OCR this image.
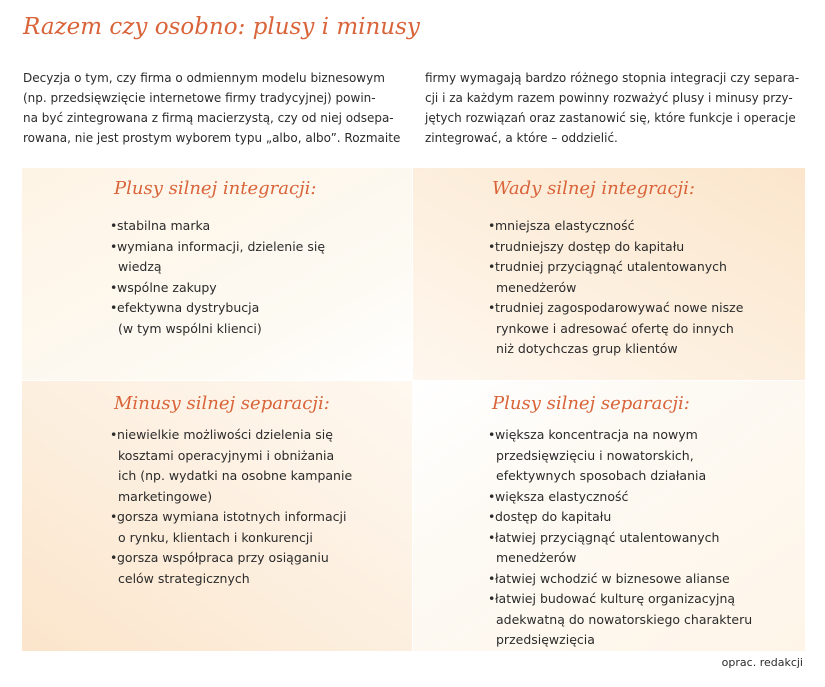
Razem czy osobno: plusy i minusy
Decyzja o tym, czy firma o odmiennym modelu biznesowym
(np. przedsięwzięcie internetowe firmy tradycyjnej) powin-
na być zintegrowana z firmą macierzystą, czy od niej odsepa-
rowana, nie jest prostym wyborem typu „albo, albo”. Rozmaite
firmy wymagają bardzo różnego stopnia integracji czy separa-
cji i za każdym razem powinny rozważyć plusy i minusy przy-
jętych rozwiązań oraz zastanowić się, które funkcje i operacje
zintegrować, a które – oddzielić.
Plusy silnej integracji:
•stabilna marka
•wymiana informacji, dzielenie się
wiedzą
•wspólne zakupy
•efektywna dystrybucja
(w tym wspólni klienci)
Wady silnej integracji:
•mniejsza elastyczność
•trudniejszy dostęp do kapitału
•trudniej przyciągnąć utalentowanych
menedżerów
•trudniej zagospodarowywać nowe nisze
rynkowe i adresować ofertę do innych
niż dotychczas grup klientów
Minusy silnej separacji:
•niewielkie możliwości dzielenia się
kosztami operacyjnymi i obniżania
ich (np. wydatki na osobne kampanie
marketingowe)
•gorsza wymiana istotnych informacji
o rynku, klientach i konkurencji
•gorsza współpraca przy osiąganiu
celów strategicznych
Plusy silnej separacji:
•większa koncentracja na nowym
przedsięwzięciu i nowatorskich,
efektywnych sposobach działania
•większa elastyczność
•dostęp do kapitału
•łatwiej przyciągnąć utalentowanych
menedżerów
•łatwiej wchodzić w biznesowe alianse
•łatwiej budować kulturę organizacyjną
adekwatną do nowatorskiego charakteru
przedsięwzięcia
oprac. redakcji
